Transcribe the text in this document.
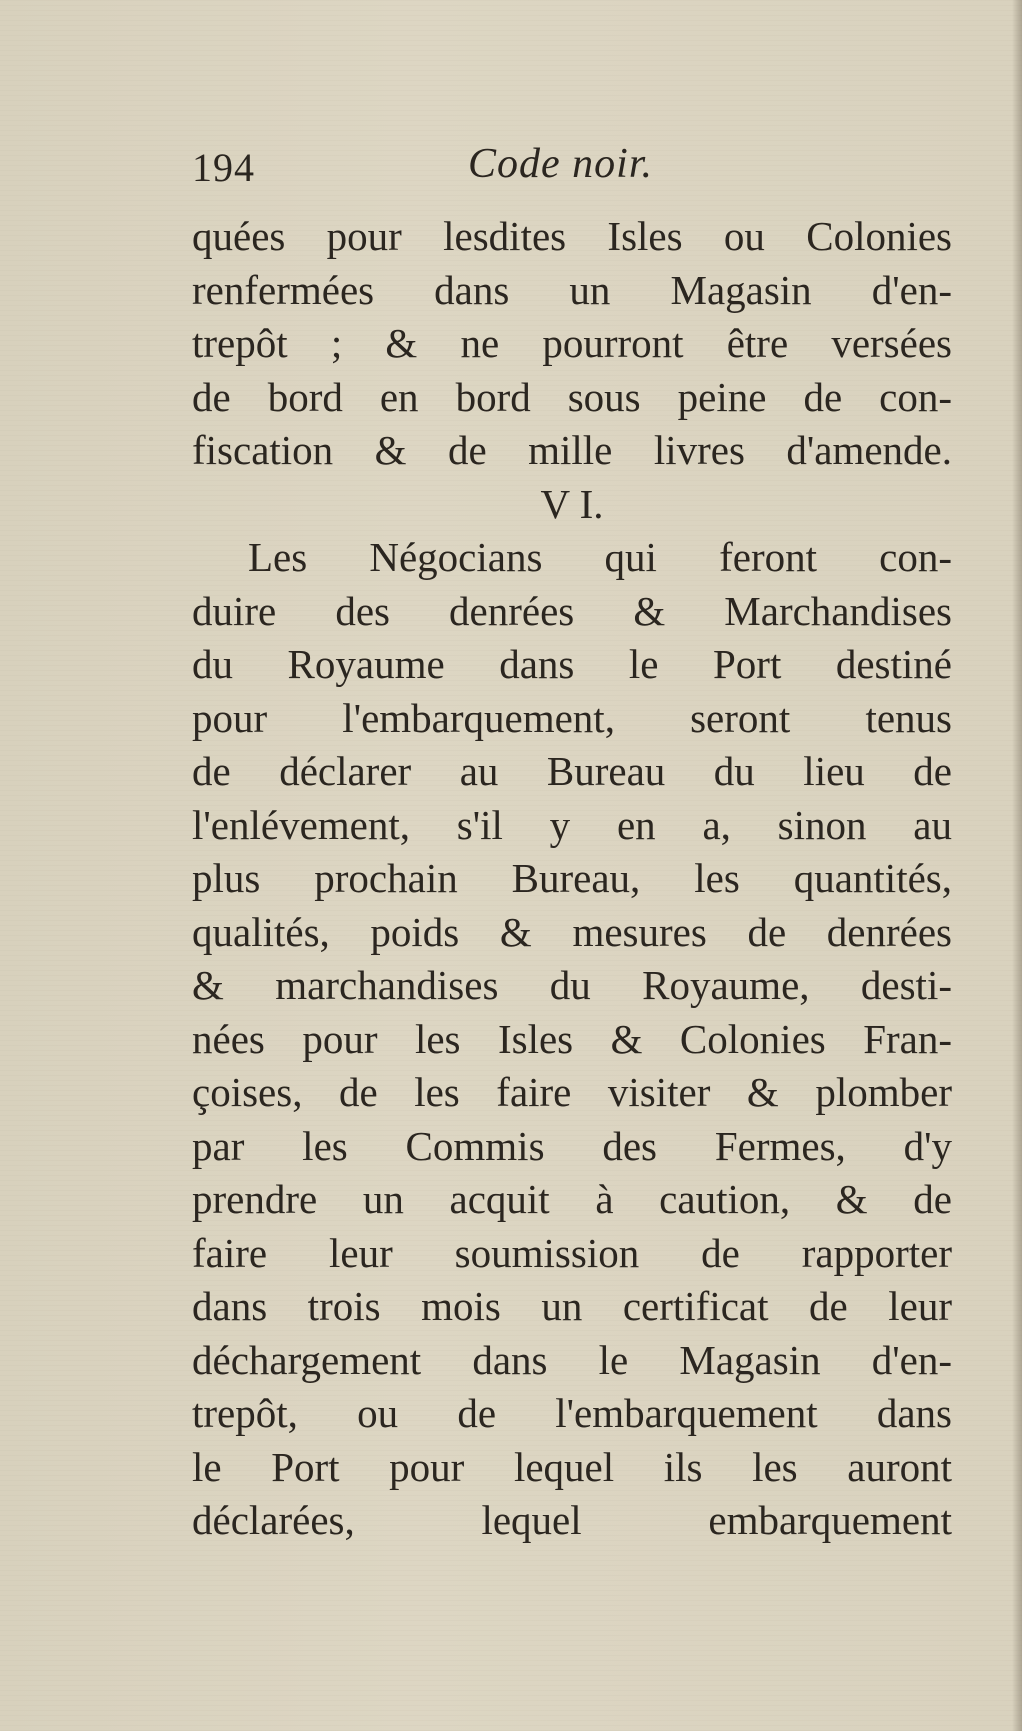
194	Code noir.
quées pour lesdites Isles ou Colonies
renfermées dans un Magasin d'en-
trepôt ; & ne pourront être versées
de bord en bord sous peine de con-
fiscation & de mille livres d'amende.
V I.
Les Négocians qui feront con-
duire des denrées & Marchandises
du Royaume dans le Port destiné
pour l'embarquement, seront tenus
de déclarer au Bureau du lieu de
l'enlévement, s'il y en a, sinon au
plus prochain Bureau, les quantités,
qualités, poids & mesures de denrées
& marchandises du Royaume, desti-
nées pour les Isles & Colonies Fran-
çoises, de les faire visiter & plomber
par les Commis des Fermes, d'y
prendre un acquit à caution, & de
faire leur soumission de rapporter
dans trois mois un certificat de leur
déchargement dans le Magasin d'en-
trepôt, ou de l'embarquement dans
le Port pour lequel ils les auront
déclarées, lequel embarquement
